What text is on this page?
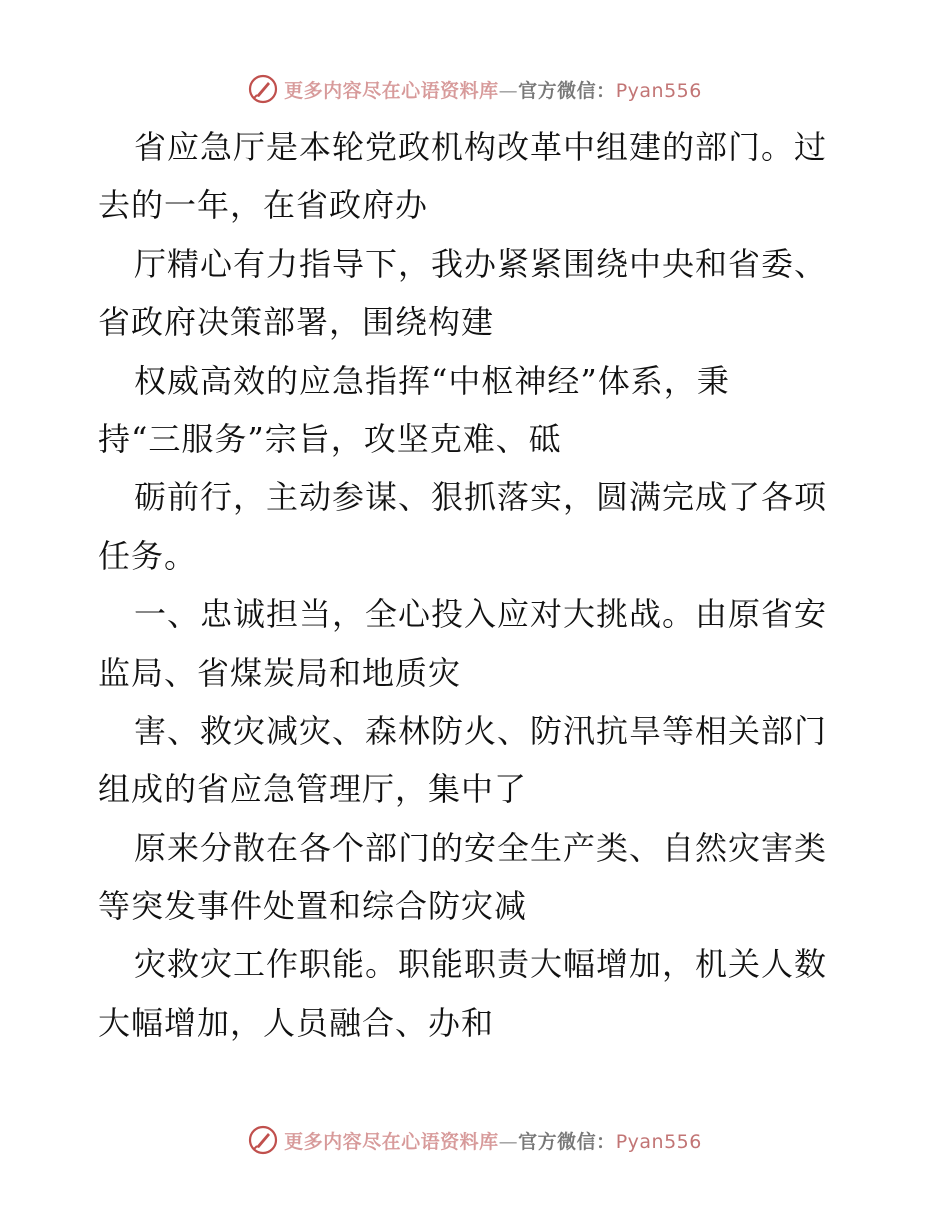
更多内容尽在心语资料库—官方微信：Pyan556
省应急厅是本轮党政机构改革中组建的部门。过
去的一年，在省政府办
厅精心有力指导下，我办紧紧围绕中央和省委、
省政府决策部署，围绕构建
权威高效的应急指挥“中枢神经”体系，秉
持“三服务”宗旨，攻坚克难、砥
砺前行，主动参谋、狠抓落实，圆满完成了各项
任务。
一、忠诚担当，全心投入应对大挑战。由原省安
监局、省煤炭局和地质灾
害、救灾减灾、森林防火、防汛抗旱等相关部门
组成的省应急管理厅，集中了
原来分散在各个部门的安全生产类、自然灾害类
等突发事件处置和综合防灾减
灾救灾工作职能。职能职责大幅增加，机关人数
大幅增加，人员融合、办和
更多内容尽在心语资料库—官方微信：Pyan556
